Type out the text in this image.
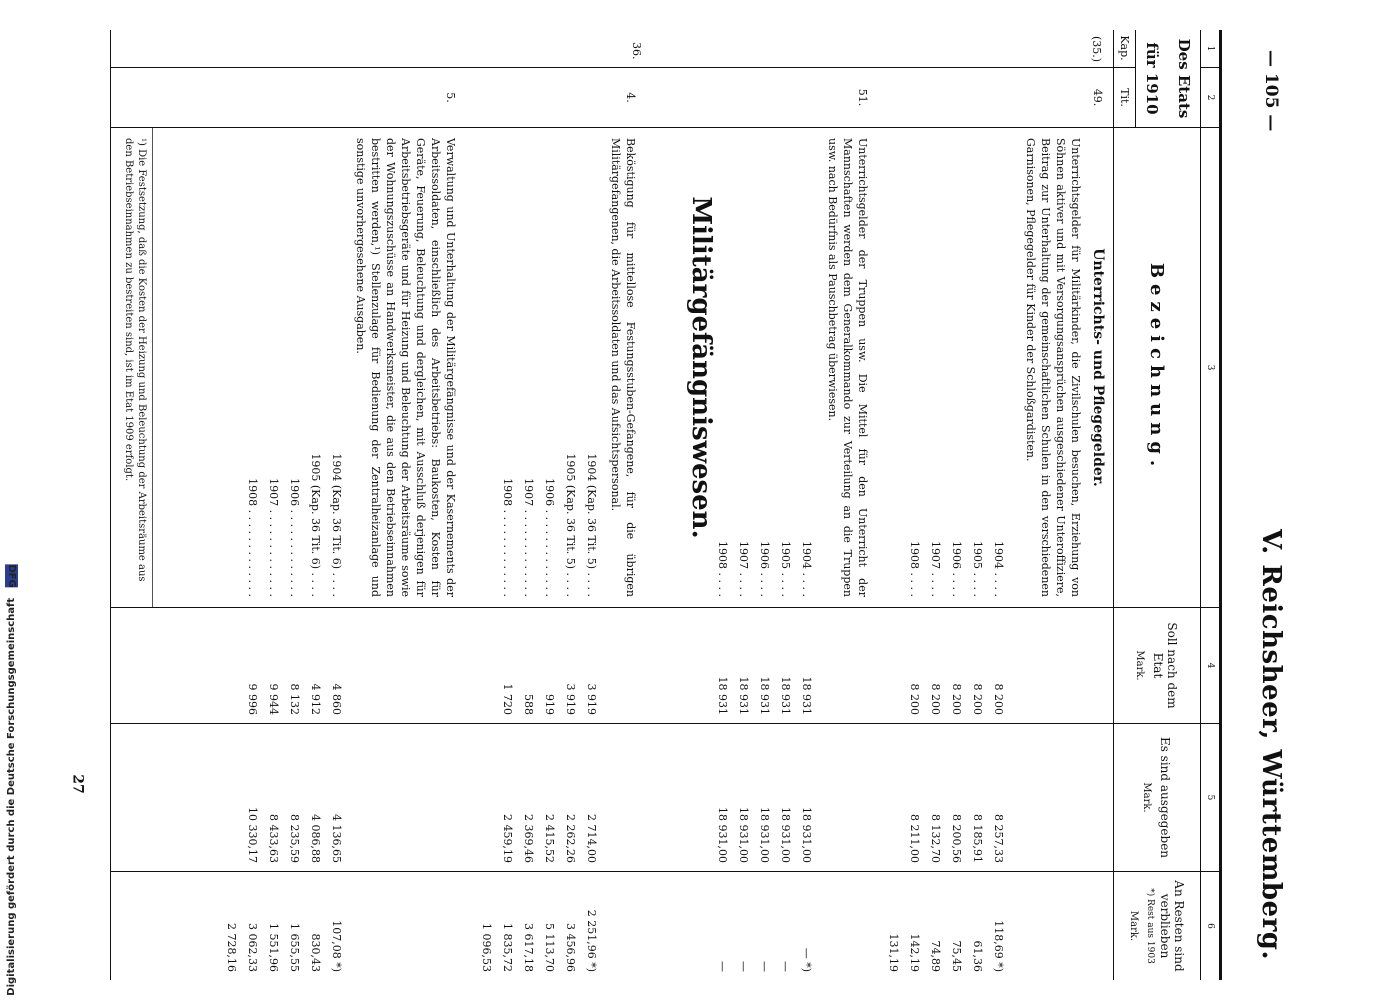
Digitalisierung gefördert durch die Deutsche Forschungsgemeinschaft DFG
27
— 105 —
V. Reichsheer, Württemberg.
1
2
3
4
5
6
Des Etats
für 1910
Kap.
Tit.
Bezeichnung.
Soll nach dem Etat
Mark.
Es sind ausgegeben
Mark.
An Resten sind verblieben
*) Rest aus 1903
Mark.
(35.)
36.
49.
51.
4.
5.
Unterrichts- und Pflegegelder.
Unterrichtsgelder für Militärkinder, die Zivilschulen besuchen, Erziehung von Söhnen aktiver und mit Versorgungsansprüchen ausgeschiedener Unteroffiziere, Beitrag zur Unterhaltung der gemeinschaftlichen Schulen in den verschiedenen Garnisonen, Pflegegelder für Kinder der Schloßgardisten.
1904 . . . .
1905 . . . .
1906 . . . .
1907 . . . .
1908 . . . .
Unterrichtsgelder der Truppen usw. Die Mittel für den Unterricht der Mannschaften werden dem Generalkommando zur Verteilung an die Truppen usw. nach Bedürfnis als Pauschbetrag überwiesen.
1904 . . . .
1905 . . . .
1906 . . . .
1907 . . . .
1908 . . . .
Militärgefängniswesen.
Beköstigung für mittellose Festungsstuben-Gefangene, für die übrigen Militärgefangenen, die Arbeitssoldaten und das Aufsichtspersonal.
1904 (Kap. 36 Tit. 5) . . . .
1905 (Kap. 36 Tit. 5) . . . .
1906 . . . . . . . . . . . . .
1907 . . . . . . . . . . . . .
1908 . . . . . . . . . . . . .
Verwaltung und Unterhaltung der Militärgefängnisse und der Kasernements der Arbeitssoldaten, einschließlich des Arbeitsbetriebs: Baukosten, Kosten für Geräte, Feuerung, Beleuchtung und dergleichen, mit Ausschluß derjenigen für Arbeitsbetriebsgeräte und für Heizung und Beleuchtung der Arbeitsräume sowie der Wohnungszuschüsse an Handwerksmeister, die aus den Betriebseinnahmen bestritten werden,¹) Stellenzulage für Bedienung der Zentralheizanlage und sonstige unvorhergesehene Ausgaben.
1904 (Kap. 36 Tit. 6) . . . .
1905 (Kap. 36 Tit. 6) . . . .
1906 . . . . . . . . . . . . .
1907 . . . . . . . . . . . . .
1908 . . . . . . . . . . . . .
¹) Die Festsetzung, daß die Kosten der Heizung und Beleuchtung der Arbeitsräume aus den Betriebseinnahmen zu bestreiten sind, ist im Etat 1909 erfolgt.
8 200
8 200
8 200
8 200
8 200
18 931
18 931
18 931
18 931
18 931
3 919
3 919
919
588
1 720
4 860
4 912
8 132
9 944
9 996
8 257,33
8 185,91
8 200,56
8 132,70
8 211,00
18 931,00
18 931,00
18 931,00
18 931,00
18 931,00
2 714,00
2 262,26
2 415,52
2 369,46
2 459,19
4 136,65
4 086,88
8 235,59
8 433,63
10 330,17
118,69 *)
61,36
75,45
74,89
142,19
131,19
— *)
—
—
—
—
2 251,96 *)
3 456,96
5 113,70
3 617,18
1 835,72
1 096,53
107,08 *)
830,43
1 655,55
1 551,96
3 062,33
2 728,16
